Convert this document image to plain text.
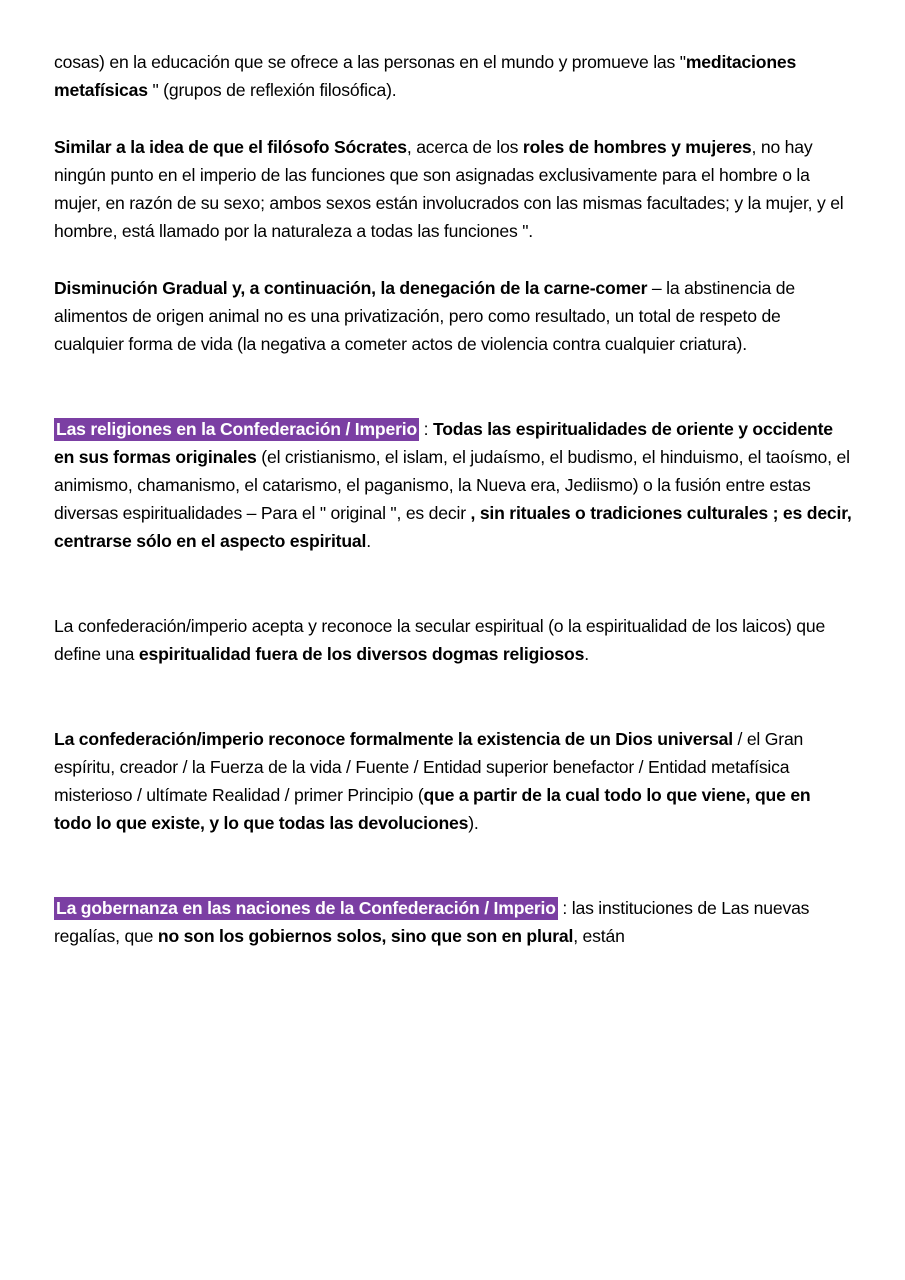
cosas) en la educación que se ofrece a las personas en el mundo y promueve las "meditaciones metafísicas " (grupos de reflexión filosófica).

Similar a la idea de que el filósofo Sócrates, acerca de los roles de hombres y mujeres, no hay ningún punto en el imperio de las funciones que son asignadas exclusivamente para el hombre o la mujer, en razón de su sexo; ambos sexos están involucrados con las mismas facultades; y la mujer, y el hombre, está llamado por la naturaleza a todas las funciones ".

Disminución Gradual y, a continuación, la denegación de la carne-comer – la abstinencia de alimentos de origen animal no es una privatización, pero como resultado, un total de respeto de cualquier forma de vida (la negativa a cometer actos de violencia contra cualquier criatura).

Las religiones en la Confederación / Imperio : Todas las espiritualidades de oriente y occidente en sus formas originales (el cristianismo, el islam, el judaísmo, el budismo, el hinduismo, el taoísmo, el animismo, chamanismo, el catarismo, el paganismo, la Nueva era, Jediismo) o la fusión entre estas diversas espiritualidades – Para el " original ", es decir , sin rituales o tradiciones culturales ; es decir, centrarse sólo en el aspecto espiritual.

La confederación/imperio acepta y reconoce la secular espiritual (o la espiritualidad de los laicos) que define una espiritualidad fuera de los diversos dogmas religiosos.

La confederación/imperio reconoce formalmente la existencia de un Dios universal / el Gran espíritu, creador / la Fuerza de la vida / Fuente / Entidad superior benefactor / Entidad metafísica misterioso / ultímate Realidad / primer Principio (que a partir de la cual todo lo que viene, que en todo lo que existe, y lo que todas las devoluciones).

La gobernanza en las naciones de la Confederación / Imperio : las instituciones de Las nuevas regalías, que no son los gobiernos solos, sino que son en plural, están
